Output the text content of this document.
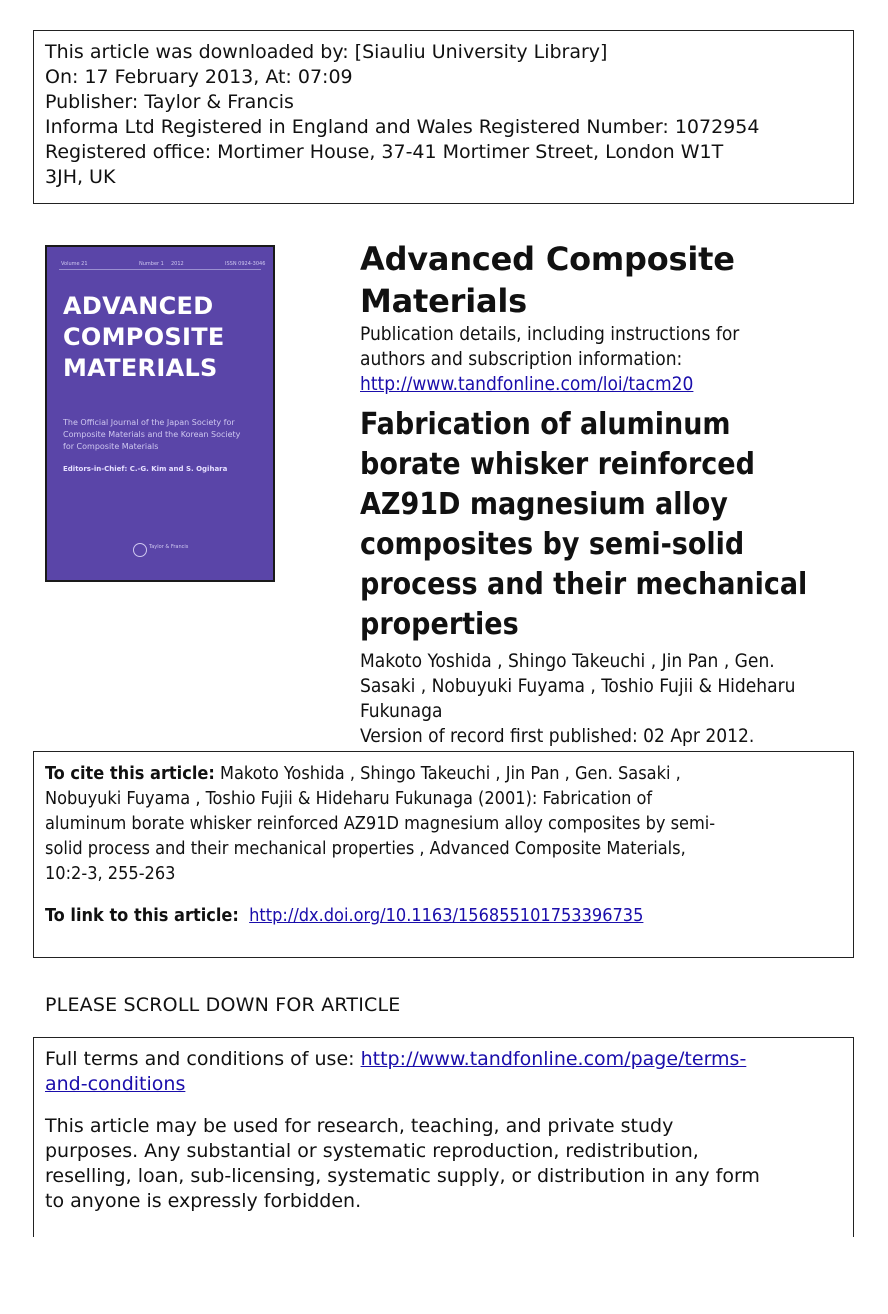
This article was downloaded by: [Siauliu University Library]

On: 17 February 2013, At: 07:09

Publisher: Taylor & Francis

Informa Ltd Registered in England and Wales Registered Number: 1072954

Registered office: Mortimer House, 37-41 Mortimer Street, London W1T

3JH, UK

Volume 21	Number 1 2012	ISSN 0924-3046
ADVANCED
COMPOSITE
MATERIALS
The Official Journal of the Japan Society for Composite Materials and the Korean Society for Composite Materials
Editors-in-Chief: C.-G. Kim and S. Ogihara
Taylor & Francis

Advanced Composite Materials

Publication details, including instructions for

authors and subscription information:

http://www.tandfonline.com/loi/tacm20

Fabrication of aluminum
borate whisker reinforced
AZ91D magnesium alloy
composites by semi-solid
process and their mechanical
properties

Makoto Yoshida , Shingo Takeuchi , Jin Pan , Gen.

Sasaki , Nobuyuki Fuyama , Toshio Fujii & Hideharu

Fukunaga

Version of record first published: 02 Apr 2012.

To cite this article: Makoto Yoshida , Shingo Takeuchi , Jin Pan , Gen. Sasaki ,

Nobuyuki Fuyama , Toshio Fujii & Hideharu Fukunaga (2001): Fabrication of

aluminum borate whisker reinforced AZ91D magnesium alloy composites by semi-

solid process and their mechanical properties , Advanced Composite Materials,

10:2-3, 255-263

To link to this article: http://dx.doi.org/10.1163/156855101753396735

PLEASE SCROLL DOWN FOR ARTICLE

Full terms and conditions of use: http://www.tandfonline.com/page/terms-

and-conditions

This article may be used for research, teaching, and private study

purposes. Any substantial or systematic reproduction, redistribution,

reselling, loan, sub-licensing, systematic supply, or distribution in any form

to anyone is expressly forbidden.
